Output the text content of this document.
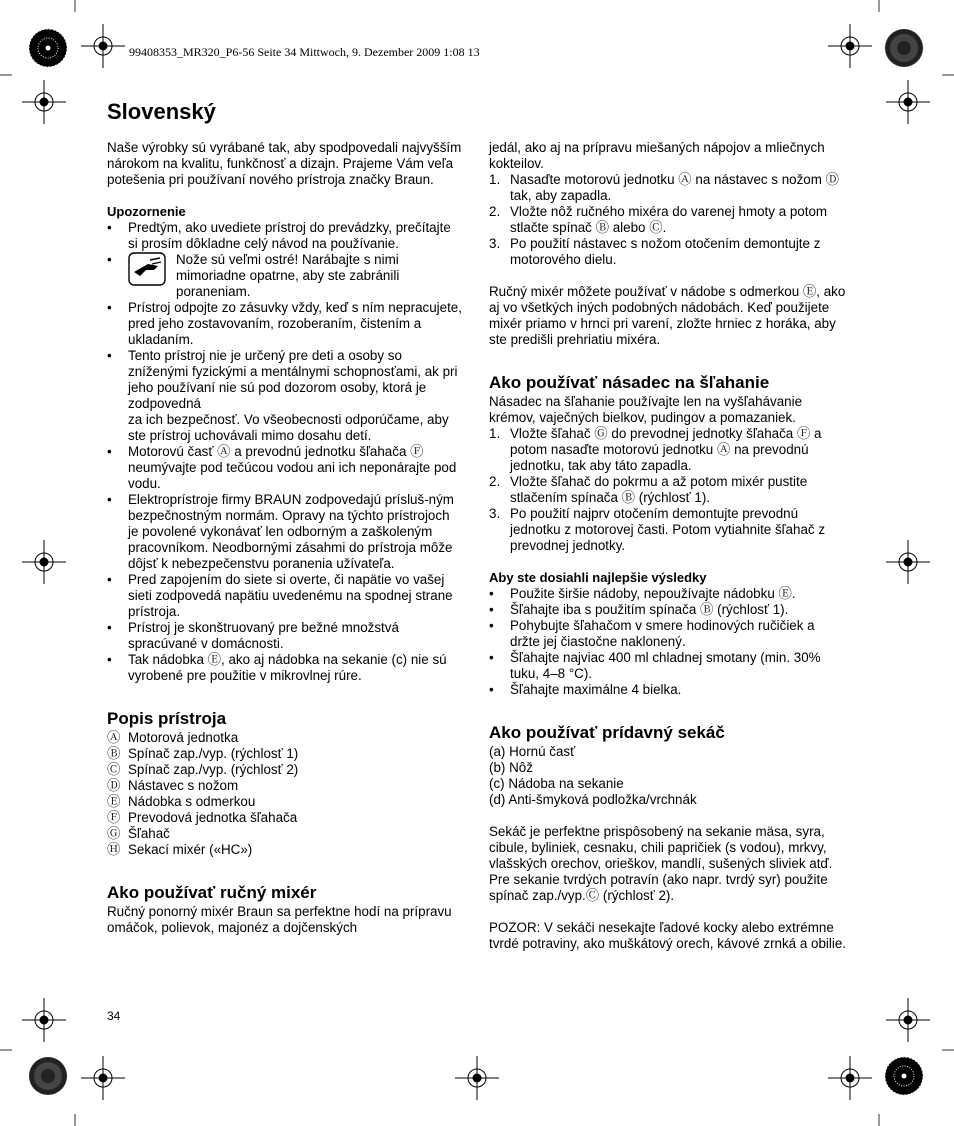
99408353_MR320_P6-56 Seite 34 Mittwoch, 9. Dezember 2009 1:08 13
Slovenský

Naše výrobky sú vyrábané tak, aby spodpovedali najvyšším nárokom na kvalitu, funkčnosť a dizajn. Prajeme Vám veľa potešenia pri používaní nového prístroja značky Braun.

Upozornenie
• Predtým, ako uvediete prístroj do prevádzky, prečítajte si prosím dôkladne celý návod na používanie.
•	Nože sú veľmi ostré! Narábajte s nimi mimoriadne opatrne, aby ste zabránili poraneniam.
• Prístroj odpojte zo zásuvky vždy, keď s ním nepracujete, pred jeho zostavovaním, rozoberaním, čistením a ukladaním.
• Tento prístroj nie je určený pre deti a osoby so zníženými fyzickými a mentálnymi schopnosťami, ak pri jeho používaní nie sú pod dozorom osoby, ktorá je zodpovedná
za ich bezpečnosť. Vo všeobecnosti odporúčame, aby ste prístroj uchovávali mimo dosahu detí.
• Motorovú časť Ⓐ a prevodnú jednotku šľahača Ⓕ neumývajte pod tečúcou vodou ani ich neponárajte pod vodu.
• Elektroprístroje firmy BRAUN zodpovedajú prísluš-ným bezpečnostným normám. Opravy na týchto prístrojoch je povolené vykonávať len odborným a zaškoleným pracovníkom. Neodbornými zásahmi do prístroja môže dôjsť k nebezpečenstvu poranenia užívateľa.
• Pred zapojením do siete si overte, či napätie vo vašej sieti zodpovedá napätiu uvedenému na spodnej strane prístroja.
• Prístroj je skonštruovaný pre bežné množstvá spracúvané v domácnosti.
• Tak nádobka Ⓔ, ako aj nádobka na sekanie (c) nie sú vyrobené pre použitie v mikrovlnej rúre.
Popis prístroja
Ⓐ Motorová jednotka
Ⓑ Spínač zap./vyp. (rýchlosť 1)
Ⓒ Spínač zap./vyp. (rýchlosť 2)
Ⓓ Nástavec s nožom
Ⓔ Nádobka s odmerkou
Ⓕ Prevodová jednotka šľahača
Ⓖ Šľahač
Ⓗ Sekací mixér («HC»)
Ako používať ručný mixér

Ručný ponorný mixér Braun sa perfektne hodí na prípravu omáčok, polievok, majonéz a dojčenských

jedál, ako aj na prípravu miešaných nápojov a mliečnych kokteilov.

1. Nasaďte motorovú jednotku Ⓐ na nástavec s nožom Ⓓ tak, aby zapadla.
2. Vložte nôž ručného mixéra do varenej hmoty a potom stlačte spínač Ⓑ alebo Ⓒ.
3. Po použití nástavec s nožom otočením demontujte z motorového dielu.

Ručný mixér môžete používať v nádobe s odmerkou Ⓔ, ako aj vo všetkých iných podobných nádobách. Keď použijete mixér priamo v hrnci pri varení, zložte hrniec z horáka, aby ste predišli prehriatiu mixéra.

Ako používať násadec na šľahanie

Násadec na šľahanie používajte len na vyšľahávanie krémov, vaječných bielkov, pudingov a pomazaniek.

1. Vložte šľahač Ⓖ do prevodnej jednotky šľahača Ⓕ a potom nasaďte motorovú jednotku Ⓐ na prevodnú jednotku, tak aby táto zapadla.
2. Vložte šľahač do pokrmu a až potom mixér pustite stlačením spínača Ⓑ (rýchlosť 1).
3. Po použití najprv otočením demontujte prevodnú jednotku z motorovej časti. Potom vytiahnite šľahač z prevodnej jednotky.
Aby ste dosiahli najlepšie výsledky
• Použite širšie nádoby, nepoužívajte nádobku Ⓔ.
• Šľahajte iba s použitím spínača Ⓑ (rýchlosť 1).
• Pohybujte šľahačom v smere hodinových ručičiek a držte jej čiastočne naklonený.
• Šľahajte najviac 400 ml chladnej smotany (min. 30% tuku, 4–8 °C).
• Šľahajte maximálne 4 bielka.
Ako používať prídavný sekáč

(a) Hornú časť

(b) Nôž

(c) Nádoba na sekanie

(d) Anti-šmyková podložka/vrchnák

Sekáč je perfektne prispôsobený na sekanie mäsa, syra, cibule, byliniek, cesnaku, chili papričiek (s vodou), mrkvy, vlašských orechov, orieškov, mandlí, sušených sliviek atď.

Pre sekanie tvrdých potravín (ako napr. tvrdý syr) použite spínač zap./vyp.Ⓒ (rýchlosť 2).

POZOR: V sekáči nesekajte ľadové kocky alebo extrémne tvrdé potraviny, ako muškátový orech, kávové zrnká a obilie.

34
